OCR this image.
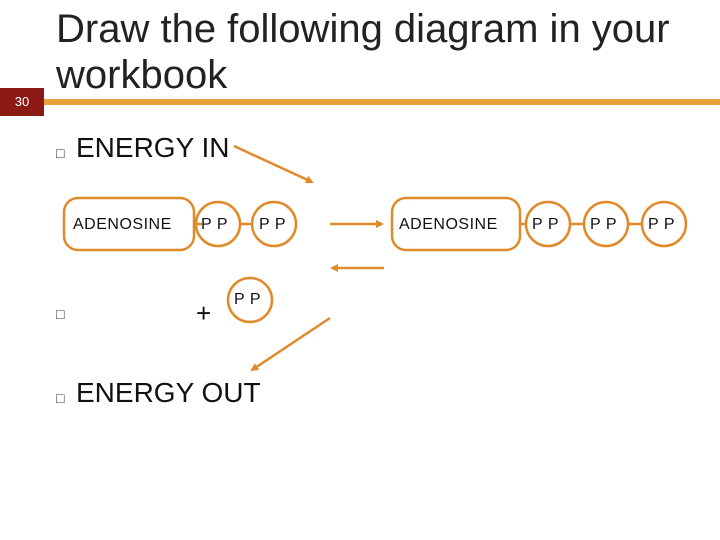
30
Draw the following diagram in your workbook
□ ENERGY IN
□
□ ENERGY OUT
ADENOSINE P P P P
+ P P
ADENOSINE P P P P P P
